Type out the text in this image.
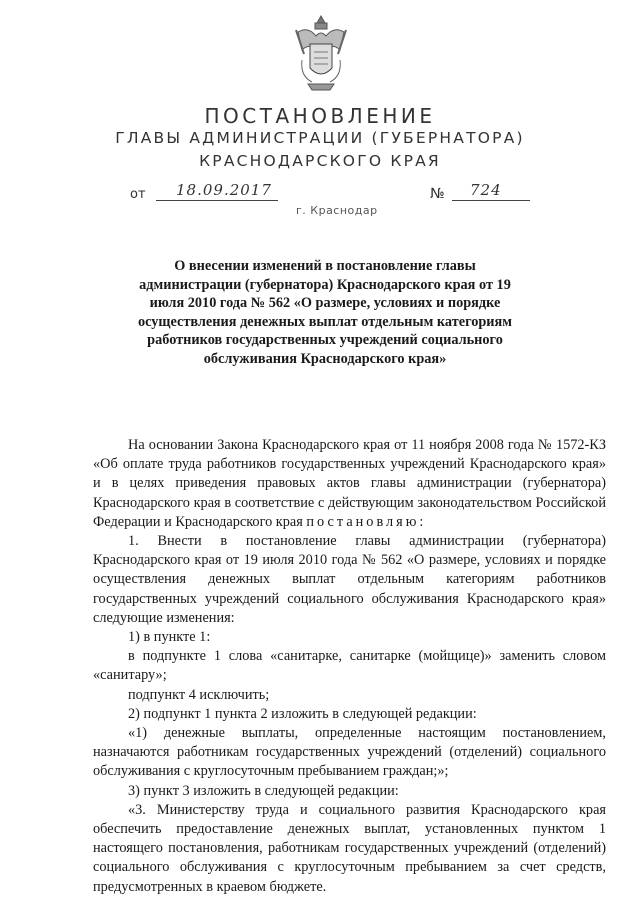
ПОСТАНОВЛЕНИЕ
ГЛАВЫ АДМИНИСТРАЦИИ (ГУБЕРНАТОРА)
КРАСНОДАРСКОГО КРАЯ
от 18.09.2017	№ 724
г. Краснодар
О внесении изменений в постановление главы администрации (губернатора) Краснодарского края от 19 июля 2010 года № 562 «О размере, условиях и порядке осуществления денежных выплат отдельным категориям работников государственных учреждений социального обслуживания Краснодарского края»

На основании Закона Краснодарского края от 11 ноября 2008 года № 1572-КЗ «Об оплате труда работников государственных учреждений Краснодарского края» и в целях приведения правовых актов главы администрации (губернатора) Краснодарского края в соответствие с действующим законодательством Российской Федерации и Краснодарского края постановляю:

1. Внести в постановление главы администрации (губернатора) Краснодарского края от 19 июля 2010 года № 562 «О размере, условиях и порядке осуществления денежных выплат отдельным категориям работников государственных учреждений социального обслуживания Краснодарского края» следующие изменения:

1) в пункте 1:

в подпункте 1 слова «санитарке, санитарке (мойщице)» заменить словом «санитару»;

подпункт 4 исключить;

2) подпункт 1 пункта 2 изложить в следующей редакции:

«1) денежные выплаты, определенные настоящим постановлением, назначаются работникам государственных учреждений (отделений) социального обслуживания с круглосуточным пребыванием граждан;»;

3) пункт 3 изложить в следующей редакции:

«3. Министерству труда и социального развития Краснодарского края обеспечить предоставление денежных выплат, установленных пунктом 1 настоящего постановления, работникам государственных учреждений (отделений) социального обслуживания с круглосуточным пребыванием за счет средств, предусмотренных в краевом бюджете.
